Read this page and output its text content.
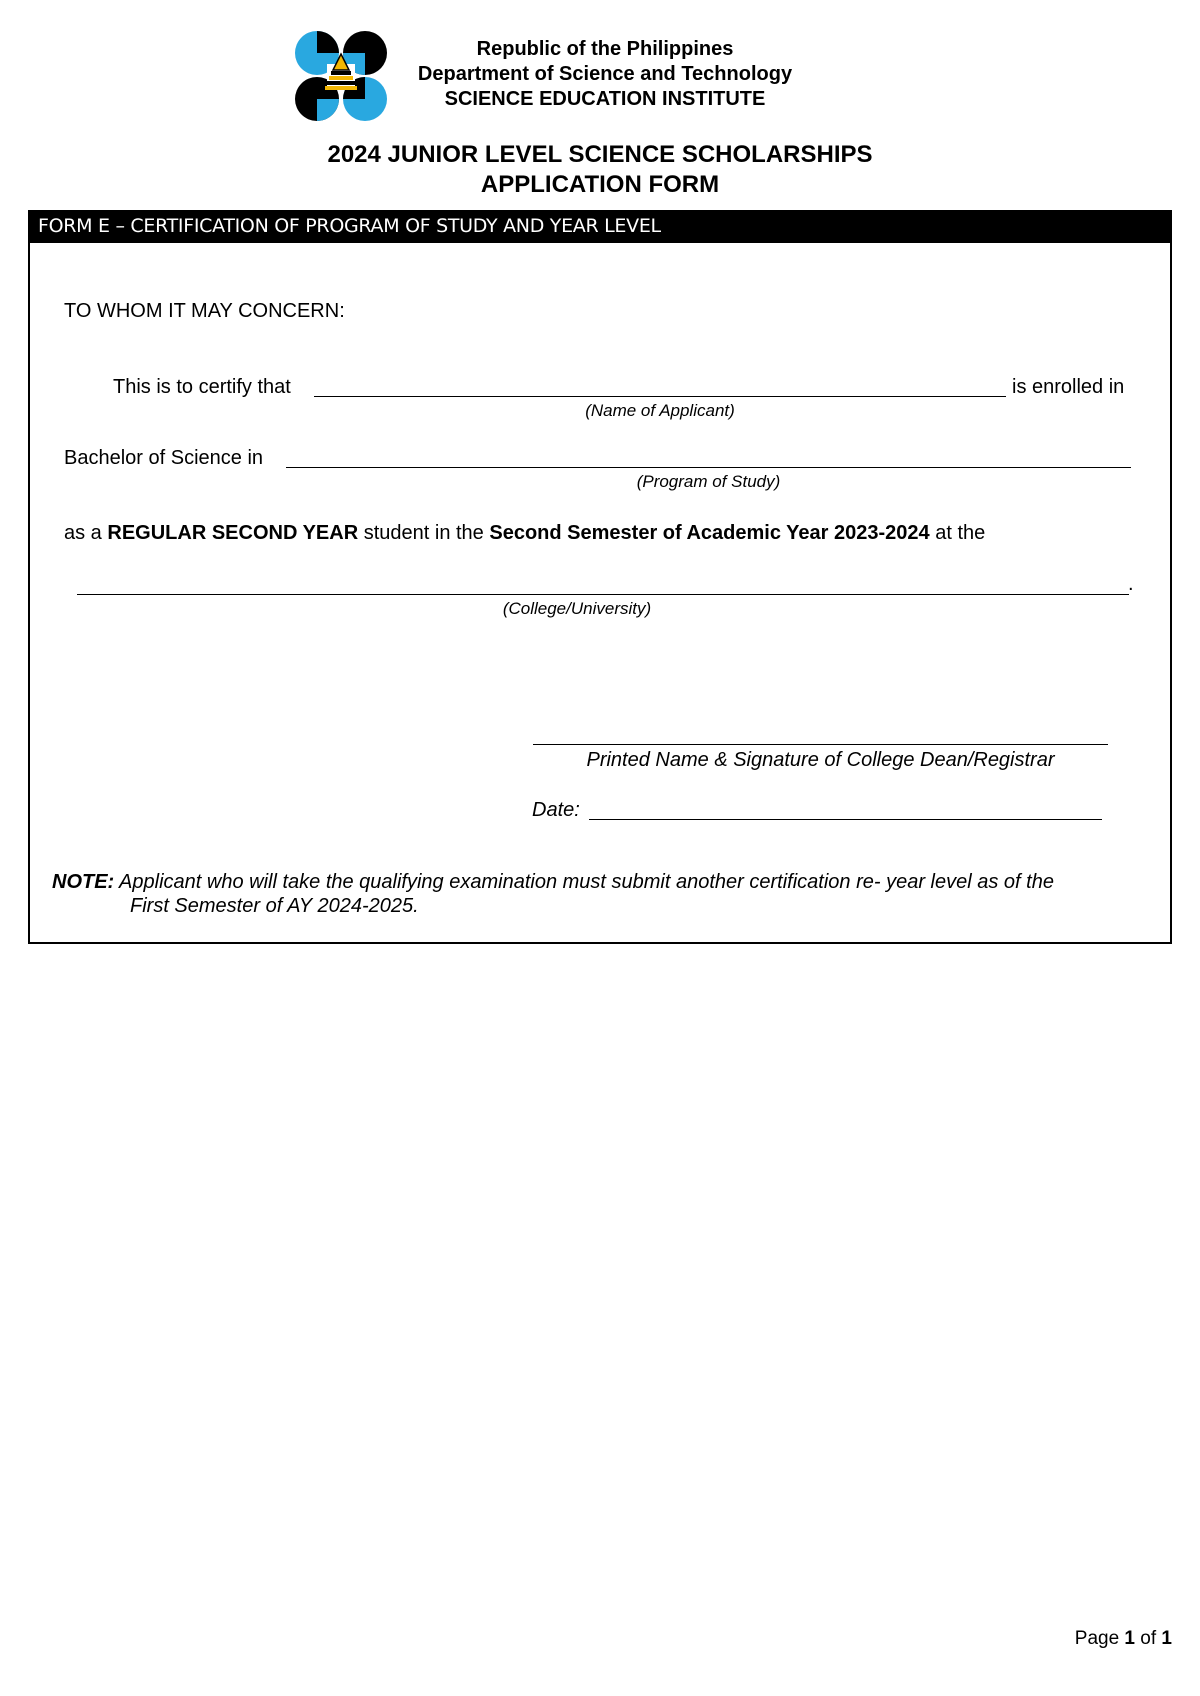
Republic of the Philippines
Department of Science and Technology
SCIENCE EDUCATION INSTITUTE
2024 JUNIOR LEVEL SCIENCE SCHOLARSHIPS
APPLICATION FORM
FORM E – CERTIFICATION OF PROGRAM OF STUDY AND YEAR LEVEL
TO WHOM IT MAY CONCERN:
This is to certify that	is enrolled in
(Name of Applicant)
Bachelor of Science in
(Program of Study)
as a REGULAR SECOND YEAR student in the Second Semester of Academic Year 2023-2024 at the
.
(College/University)
Printed Name & Signature of College Dean/Registrar
Date:
NOTE: Applicant who will take the qualifying examination must submit another certification re- year level as of the
First Semester of AY 2024-2025.
Page 1 of 1
